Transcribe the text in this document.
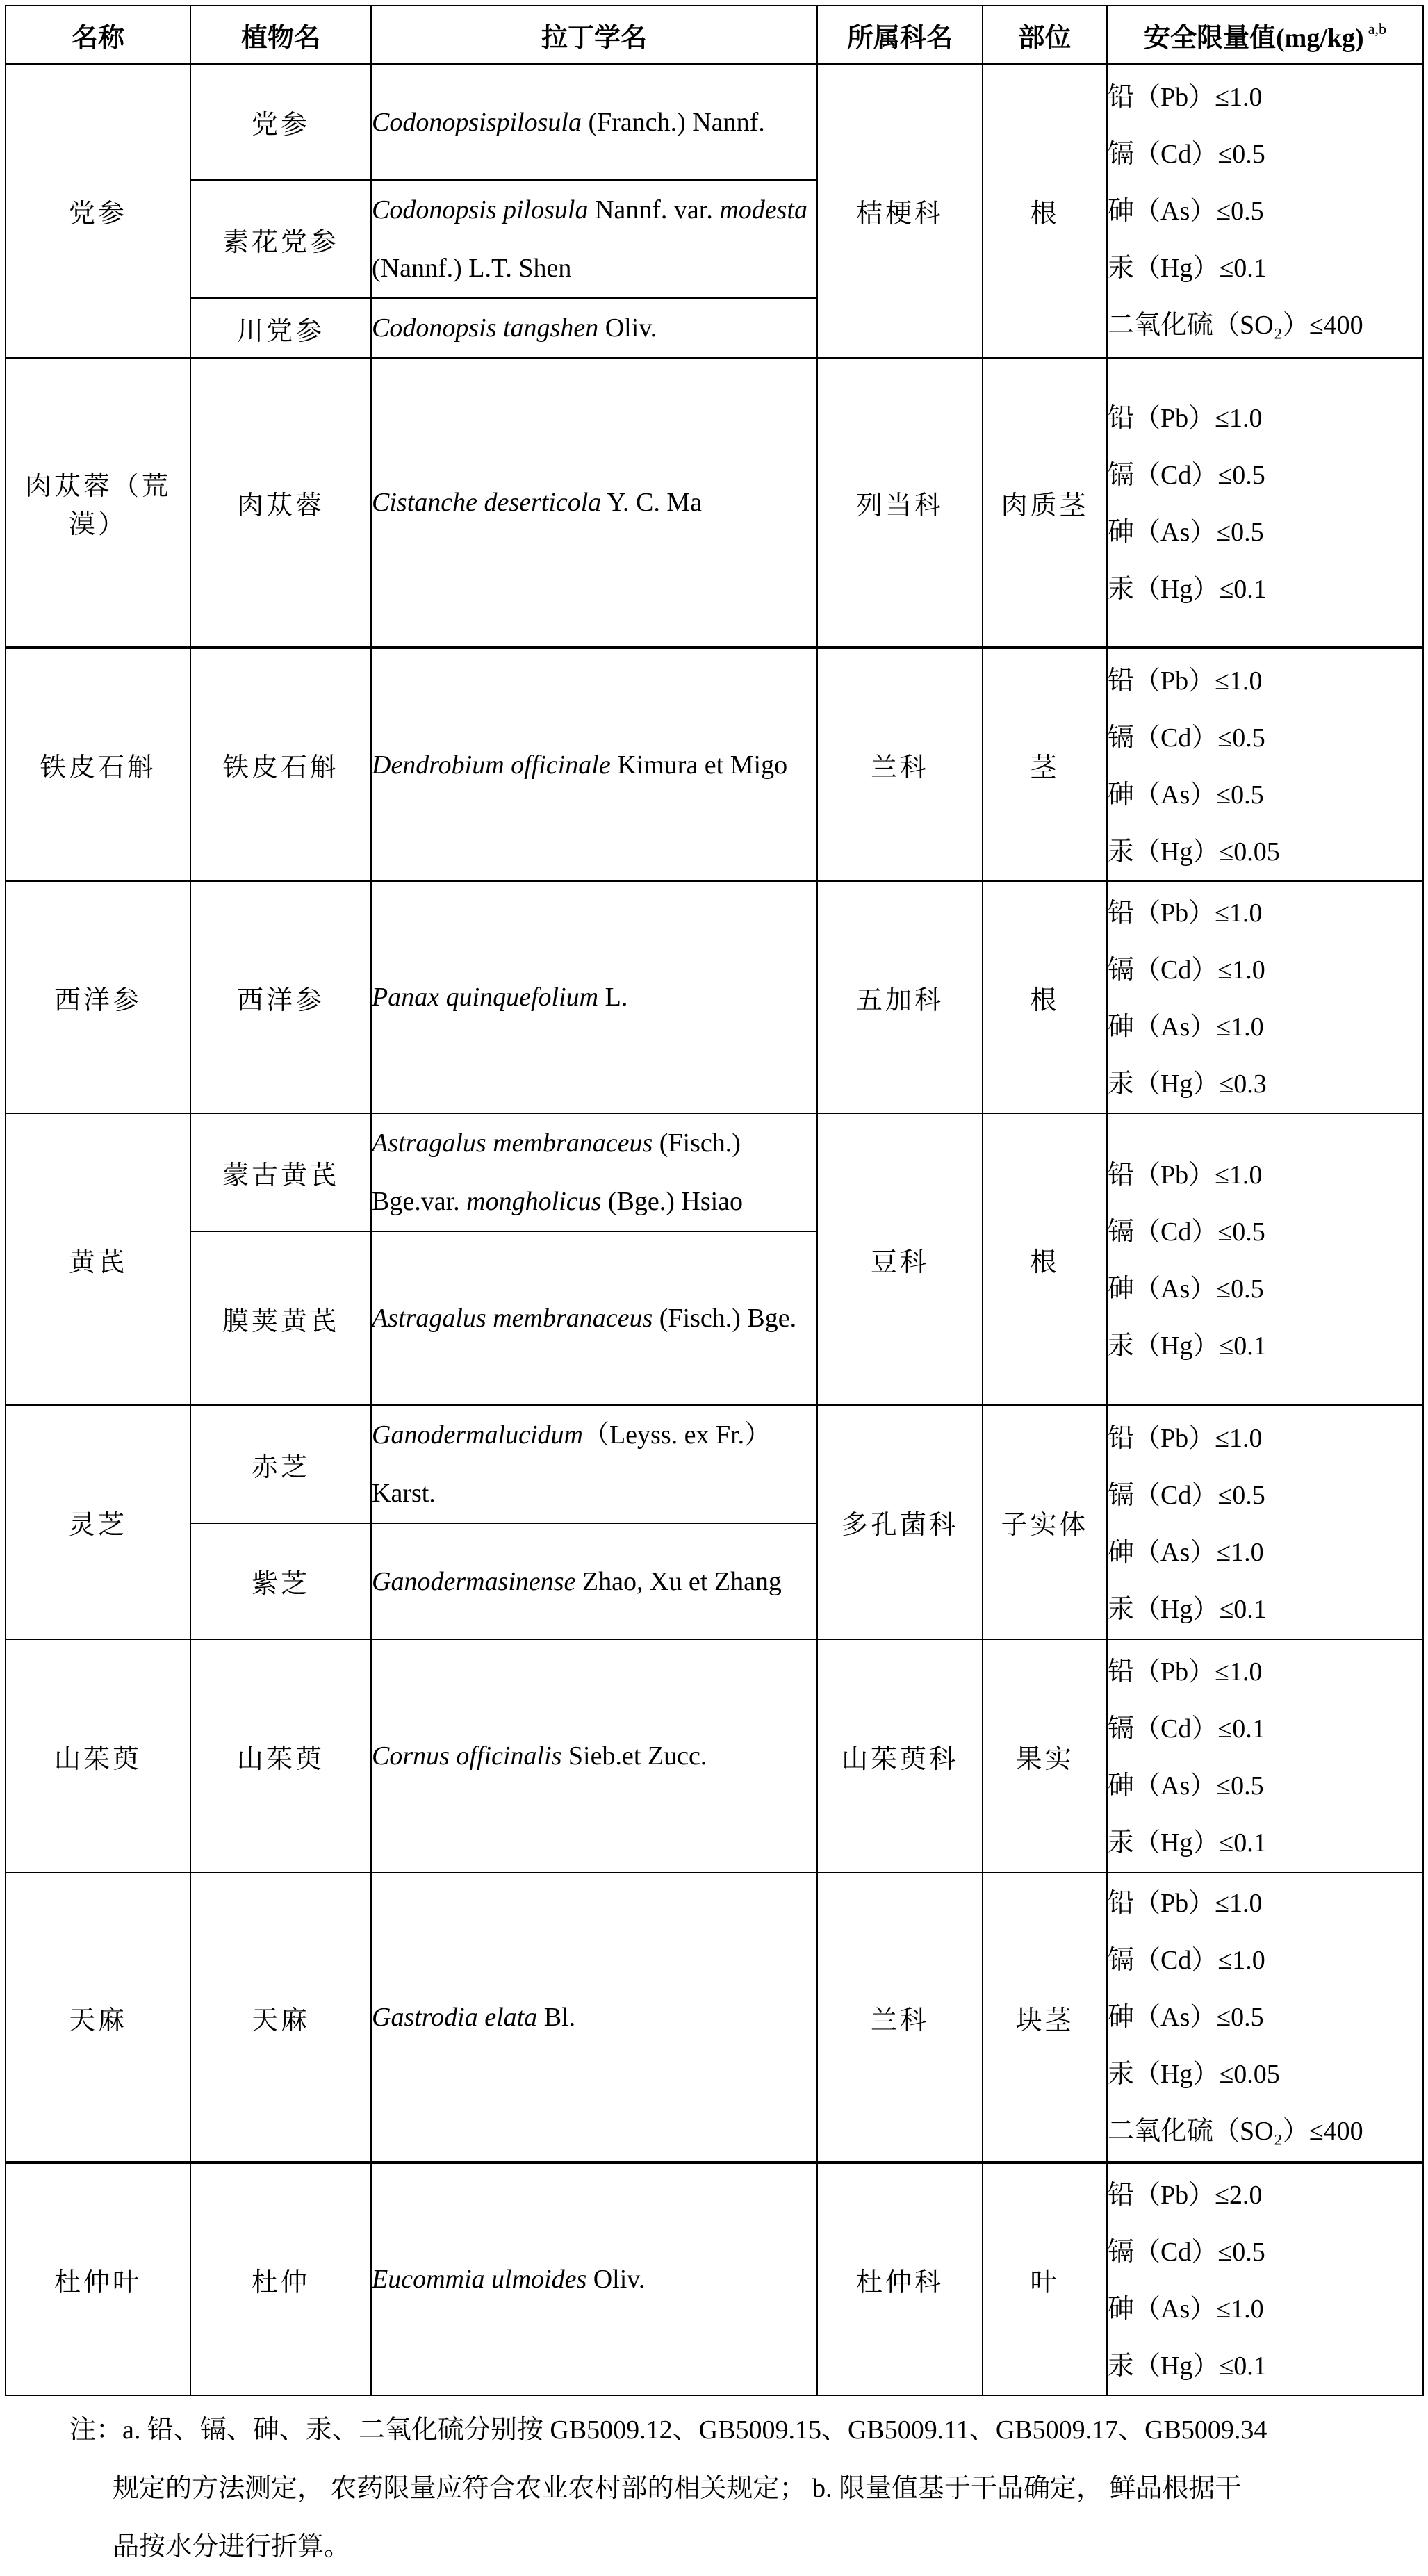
名称	植物名	拉丁学名	所属科名	部位	安全限量值(mg/kg) $^{a,b}$
党参	党参	Codonopsispilosula (Franch.) Nannf.	桔梗科	根	铅（Pb）≤1.0
镉（Cd）≤0.5
砷（As）≤0.5
汞（Hg）≤0.1
二氧化硫（SO₂）≤400

	素花党参	Codonopsis pilosula Nannf. var. modesta (Nannf.) L.T. Shen			
	川党参	Codonopsis tangshen Oliv.			
肉苁蓉（荒漠）	肉苁蓉	Cistanche deserticola Y. C. Ma	列当科	肉质茎	铅（Pb）≤1.0
镉（Cd）≤0.5
砷（As）≤0.5
汞（Hg）≤0.1

铁皮石斛	铁皮石斛	Dendrobium officinale Kimura et Migo	兰科	茎	铅（Pb）≤1.0
镉（Cd）≤0.5
砷（As）≤0.5
汞（Hg）≤0.05

西洋参	西洋参	Panax quinquefolium L.	五加科	根	铅（Pb）≤1.0
镉（Cd）≤1.0
砷（As）≤1.0
汞（Hg）≤0.3

黄芪	蒙古黄芪	Astragalus membranaceus (Fisch.) Bge.var. mongholicus (Bge.) Hsiao	豆科	根	铅（Pb）≤1.0
镉（Cd）≤0.5
砷（As）≤0.5
汞（Hg）≤0.1

	膜荚黄芪	Astragalus membranaceus (Fisch.) Bge.			
灵芝	赤芝	Ganodermalucidum（Leyss. ex Fr.）Karst.	多孔菌科	子实体	铅（Pb）≤1.0
镉（Cd）≤0.5
砷（As）≤1.0
汞（Hg）≤0.1

	紫芝	Ganodermasinense Zhao, Xu et Zhang			
山茱萸	山茱萸	Cornus officinalis Sieb.et Zucc.	山茱萸科	果实	铅（Pb）≤1.0
镉（Cd）≤0.1
砷（As）≤0.5
汞（Hg）≤0.1

天麻	天麻	Gastrodia elata Bl.	兰科	块茎	铅（Pb）≤1.0
镉（Cd）≤1.0
砷（As）≤0.5
汞（Hg）≤0.05
二氧化硫（SO₂）≤400

杜仲叶	杜仲	Eucommia ulmoides Oliv.	杜仲科	叶	铅（Pb）≤2.0
镉（Cd）≤0.5
砷（As）≤1.0
汞（Hg）≤0.1
注：a. 铅、镉、砷、汞、二氧化硫分别按 GB5009.12、GB5009.15、GB5009.11、GB5009.17、GB5009.34
规定的方法测定， 农药限量应符合农业农村部的相关规定； b. 限量值基于干品确定， 鲜品根据干
品按水分进行折算。
